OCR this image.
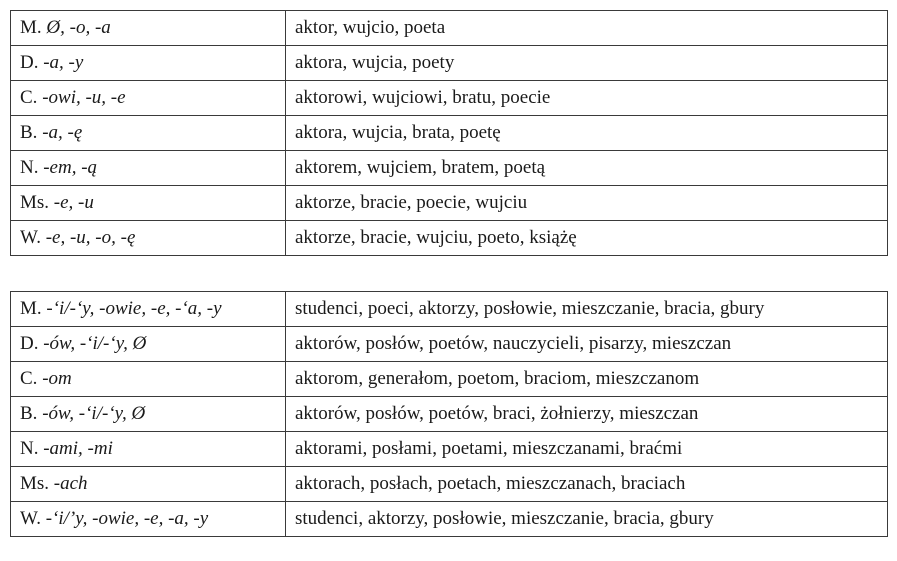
M. Ø, -o, -a	aktor, wujcio, poeta
D. -a, -y	aktora, wujcia, poety
C. -owi, -u, -e	aktorowi, wujciowi, bratu, poecie
B. -a, -ę	aktora, wujcia, brata, poetę
N. -em, -ą	aktorem, wujciem, bratem, poetą
Ms. -e, -u	aktorze, bracie, poecie, wujciu
W. -e, -u, -o, -ę	aktorze, bracie, wujciu, poeto, książę
M. -‘i/-‘y, -owie, -e, -‘a, -y	studenci, poeci, aktorzy, posłowie, mieszczanie, bracia, gbury
D. -ów, -‘i/-‘y, Ø	aktorów, posłów, poetów, nauczycieli, pisarzy, mieszczan
C. -om	aktorom, generałom, poetom, braciom, mieszczanom
B. -ów, -‘i/-‘y, Ø	aktorów, posłów, poetów, braci, żołnierzy, mieszczan
N. -ami, -mi	aktorami, posłami, poetami, mieszczanami, braćmi
Ms. -ach	aktorach, posłach, poetach, mieszczanach, braciach
W. -‘i/’y, -owie, -e, -a, -y	studenci, aktorzy, posłowie, mieszczanie, bracia, gbury
